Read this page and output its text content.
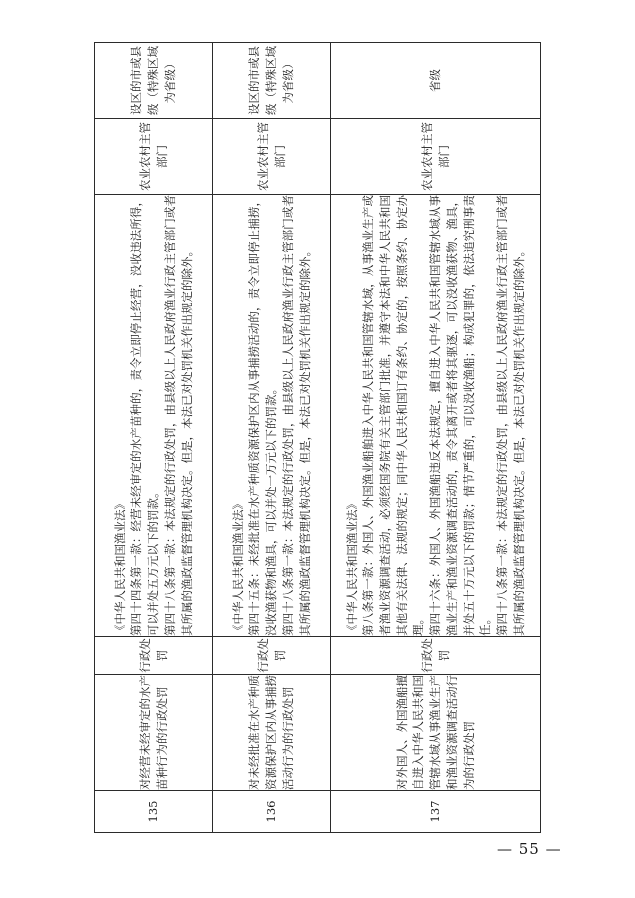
135	对经营未经审定的水产苗种行为的行政处罚	行政处罚	《中华人民共和国渔业法》 第四十四条第一款：经营未经审定的水产苗种的，责令立即停止经营，没收违法所得，可以并处五万元以下的罚款。 第四十八条第一款：本法规定的行政处罚，由县级以上人民政府渔业行政主管部门或者其所属的渔政监督管理机构决定。但是，本法已对处罚机关作出规定的除外。	农业农村主管部门	设区的市或县级（特殊区域为省级）
136	对未经批准在水产种质资源保护区内从事捕捞活动行为的行政处罚	行政处罚	《中华人民共和国渔业法》 第四十五条：未经批准在水产种质资源保护区内从事捕捞活动的，责令立即停止捕捞，没收渔获物和渔具，可以并处一万元以下的罚款。 第四十八条第一款：本法规定的行政处罚，由县级以上人民政府渔业行政主管部门或者其所属的渔政监督管理机构决定。但是，本法已对处罚机关作出规定的除外。	农业农村主管部门	设区的市或县级（特殊区域为省级）
137	对外国人、外国渔船擅自进入中华人民共和国管辖水域从事渔业生产和渔业资源调查活动行为的行政处罚	行政处罚	《中华人民共和国渔业法》 第八条第一款：外国人、外国渔业船舶进入中华人民共和国管辖水域，从事渔业生产或者渔业资源调查活动，必须经国务院有关主管部门批准，并遵守本法和中华人民共和国其他有关法律、法规的规定；同中华人民共和国订有条约、协定的，按照条约、协定办理。 第四十六条：外国人、外国渔船违反本法规定，擅自进入中华人民共和国管辖水域从事渔业生产和渔业资源调查活动的，责令其离开或者将其驱逐，可以没收渔获物、渔具，并处五十万元以下的罚款；情节严重的，可以没收渔船；构成犯罪的，依法追究刑事责任。 第四十八条第一款：本法规定的行政处罚，由县级以上人民政府渔业行政主管部门或者其所属的渔政监督管理机构决定。但是，本法已对处罚机关作出规定的除外。	农业农村主管部门	省级
— 55 —
